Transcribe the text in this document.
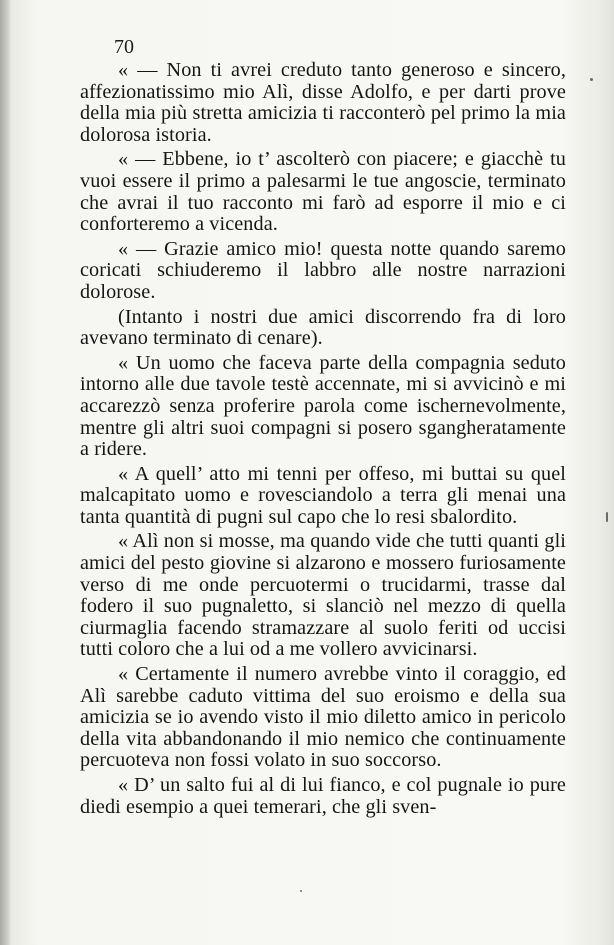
70

« — Non ti avrei creduto tanto generoso e sincero, affezionatissimo mio Alì, disse Adolfo, e per darti prove della mia più stretta amicizia ti racconterò pel primo la mia dolorosa istoria.

« — Ebbene, io t’ ascolterò con piacere; e giacchè tu vuoi essere il primo a palesarmi le tue angoscie, terminato che avrai il tuo racconto mi farò ad esporre il mio e ci conforteremo a vicenda.

« — Grazie amico mio! questa notte quando saremo coricati schiuderemo il labbro alle nostre narrazioni dolorose.

(Intanto i nostri due amici discorrendo fra di loro avevano terminato di cenare).

« Un uomo che faceva parte della compagnia seduto intorno alle due tavole testè accennate, mi si avvicinò e mi accarezzò senza proferire parola come ischernevolmente, mentre gli altri suoi compagni si posero sgangheratamente a ridere.

« A quell’ atto mi tenni per offeso, mi buttai su quel malcapitato uomo e rovesciandolo a terra gli menai una tanta quantità di pugni sul capo che lo resi sbalordito.

« Alì non si mosse, ma quando vide che tutti quanti gli amici del pesto giovine si alzarono e mossero furiosamente verso di me onde percuotermi o trucidarmi, trasse dal fodero il suo pugnaletto, si slanciò nel mezzo di quella ciurmaglia facendo stramazzare al suolo feriti od uccisi tutti coloro che a lui od a me vollero avvicinarsi.

« Certamente il numero avrebbe vinto il coraggio, ed Alì sarebbe caduto vittima del suo eroismo e della sua amicizia se io avendo visto il mio diletto amico in pericolo della vita abbandonando il mio nemico che continuamente percuoteva non fossi volato in suo soccorso.

« D’ un salto fui al di lui fianco, e col pugnale io pure diedi esempio a quei temerari, che gli sven-
